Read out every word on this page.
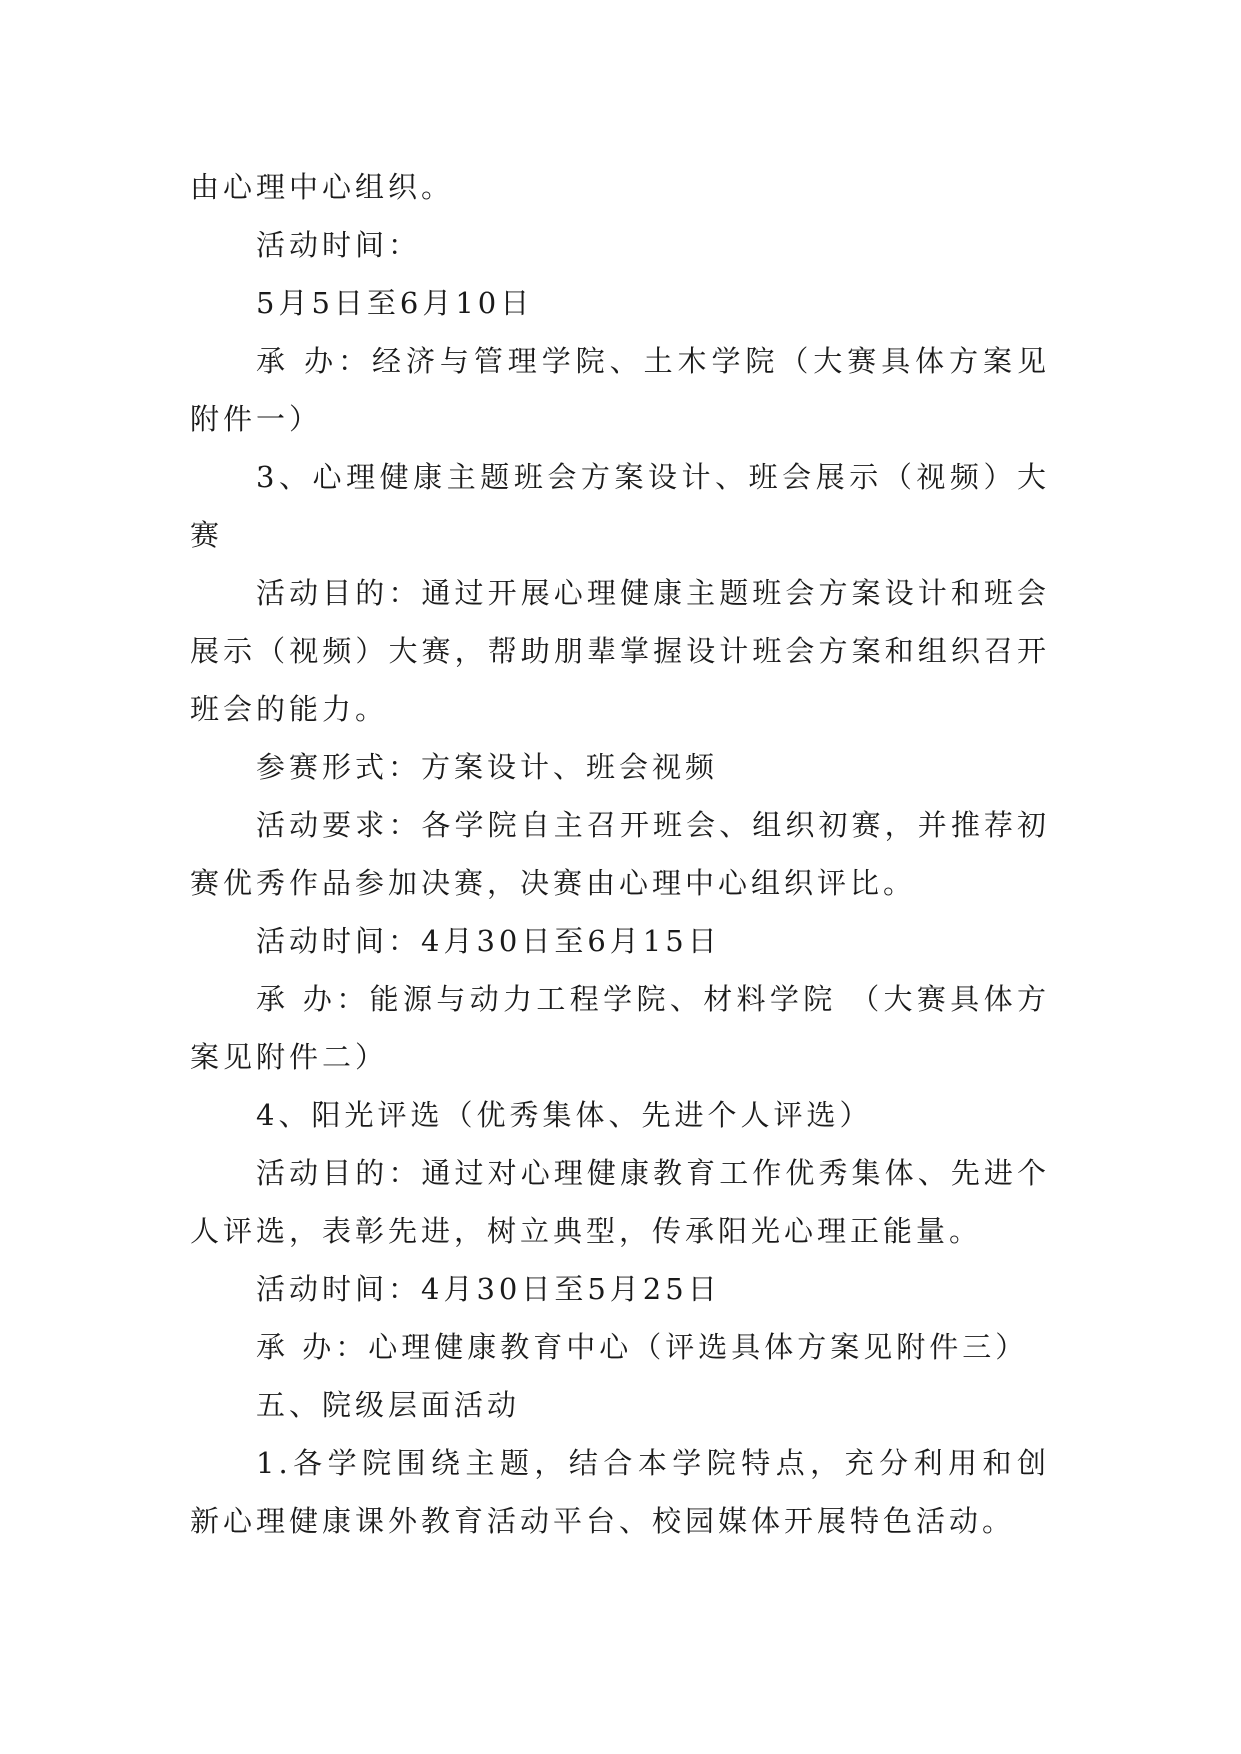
由心理中心组织。

活动时间：

5月5日至6月10日

承 办：经济与管理学院、土木学院（大赛具体方案见附件一）

3、心理健康主题班会方案设计、班会展示（视频）大赛

活动目的：通过开展心理健康主题班会方案设计和班会展示（视频）大赛，帮助朋辈掌握设计班会方案和组织召开班会的能力。

参赛形式：方案设计、班会视频

活动要求：各学院自主召开班会、组织初赛，并推荐初赛优秀作品参加决赛，决赛由心理中心组织评比。

活动时间：4月30日至6月15日

承 办：能源与动力工程学院、材料学院 （大赛具体方案见附件二）

4、阳光评选（优秀集体、先进个人评选）

活动目的：通过对心理健康教育工作优秀集体、先进个人评选，表彰先进，树立典型，传承阳光心理正能量。

活动时间：4月30日至5月25日

承 办：心理健康教育中心（评选具体方案见附件三）

五、院级层面活动

1.各学院围绕主题，结合本学院特点，充分利用和创新心理健康课外教育活动平台、校园媒体开展特色活动。
